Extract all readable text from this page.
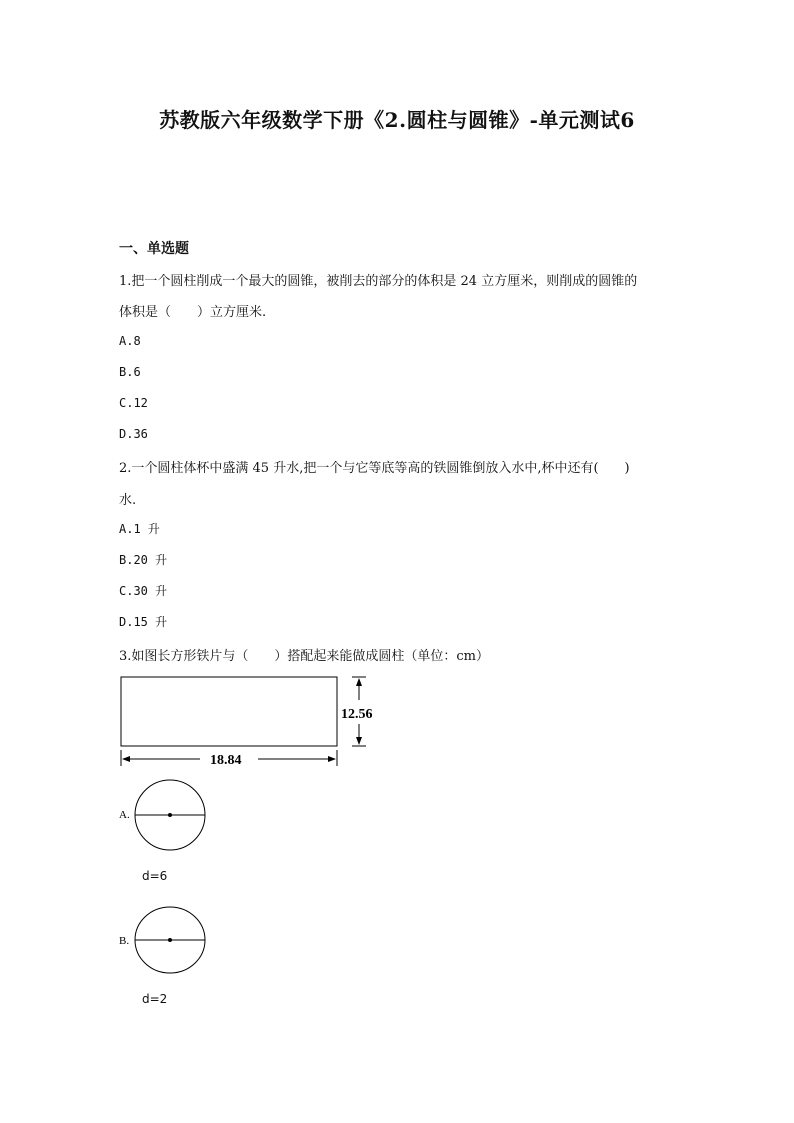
苏教版六年级数学下册《2.圆柱与圆锥》-单元测试6
一、单选题
1.把一个圆柱削成一个最大的圆锥，被削去的部分的体积是 24 立方厘米，则削成的圆锥的
体积是（　　）立方厘米.
A.8
B.6
C.12
D.36
2.一个圆柱体杯中盛满 45 升水,把一个与它等底等高的铁圆锥倒放入水中,杯中还有(　　)
水.
A.1 升
B.20 升
C.30 升
D.15 升
3.如图长方形铁片与（　　）搭配起来能做成圆柱（单位：cm）
12.56
18.84
A.
B.
d=6
d=2
